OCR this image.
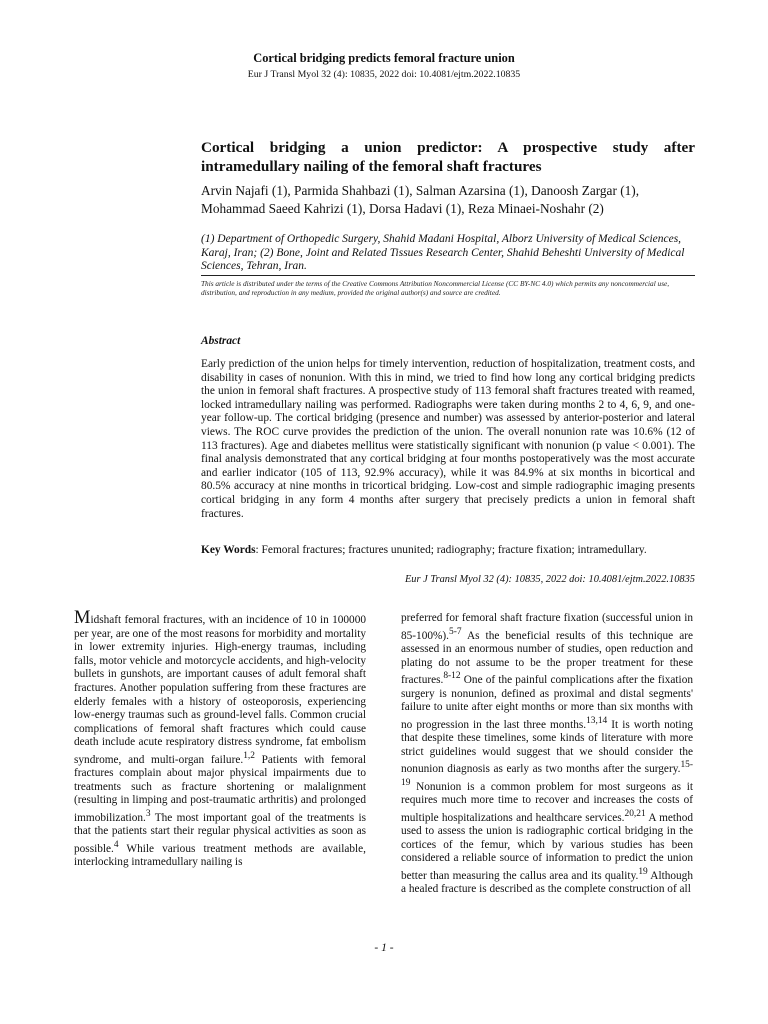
Cortical bridging predicts femoral fracture union
Eur J Transl Myol 32 (4): 10835, 2022 doi: 10.4081/ejtm.2022.10835
Cortical bridging a union predictor: A prospective study after intramedullary nailing of the femoral shaft fractures
Arvin Najafi (1), Parmida Shahbazi (1), Salman Azarsina (1), Danoosh Zargar (1), Mohammad Saeed Kahrizi (1), Dorsa Hadavi (1), Reza Minaei-Noshahr (2)
(1) Department of Orthopedic Surgery, Shahid Madani Hospital, Alborz University of Medical Sciences, Karaj, Iran; (2) Bone, Joint and Related Tissues Research Center, Shahid Beheshti University of Medical Sciences, Tehran, Iran.
This article is distributed under the terms of the Creative Commons Attribution Noncommercial License (CC BY-NC 4.0) which permits any noncommercial use, distribution, and reproduction in any medium, provided the original author(s) and source are credited.
Abstract

Early prediction of the union helps for timely intervention, reduction of hospitalization, treatment costs, and disability in cases of nonunion. With this in mind, we tried to find how long any cortical bridging predicts the union in femoral shaft fractures. A prospective study of 113 femoral shaft fractures treated with reamed, locked intramedullary nailing was performed. Radiographs were taken during months 2 to 4, 6, 9, and one-year follow-up. The cortical bridging (presence and number) was assessed by anterior-posterior and lateral views. The ROC curve provides the prediction of the union. The overall nonunion rate was 10.6% (12 of 113 fractures). Age and diabetes mellitus were statistically significant with nonunion (p value < 0.001). The final analysis demonstrated that any cortical bridging at four months postoperatively was the most accurate and earlier indicator (105 of 113, 92.9% accuracy), while it was 84.9% at six months in bicortical and 80.5% accuracy at nine months in tricortical bridging. Low-cost and simple radiographic imaging presents cortical bridging in any form 4 months after surgery that precisely predicts a union in femoral shaft fractures.

Key Words: Femoral fractures; fractures ununited; radiography; fracture fixation; intramedullary.

Eur J Transl Myol 32 (4): 10835, 2022 doi: 10.4081/ejtm.2022.10835

Midshaft femoral fractures, with an incidence of 10 in 100000 per year, are one of the most reasons for morbidity and mortality in lower extremity injuries. High-energy traumas, including falls, motor vehicle and motorcycle accidents, and high-velocity bullets in gunshots, are important causes of adult femoral shaft fractures. Another population suffering from these fractures are elderly females with a history of osteoporosis, experiencing low-energy traumas such as ground-level falls. Common crucial complications of femoral shaft fractures which could cause death include acute respiratory distress syndrome, fat embolism syndrome, and multi-organ failure.$^{1,2}$ Patients with femoral fractures complain about major physical impairments due to treatments such as fracture shortening or malalignment (resulting in limping and post-traumatic arthritis) and prolonged immobilization.$^3$ The most important goal of the treatments is that the patients start their regular physical activities as soon as possible.$^4$ While various treatment methods are available, interlocking intramedullary nailing is

preferred for femoral shaft fracture fixation (successful union in 85-100%).$^{5-7}$ As the beneficial results of this technique are assessed in an enormous number of studies, open reduction and plating do not assume to be the proper treatment for these fractures.$^{8-12}$ One of the painful complications after the fixation surgery is nonunion, defined as proximal and distal segments' failure to unite after eight months or more than six months with no progression in the last three months.$^{13,14}$ It is worth noting that despite these timelines, some kinds of literature with more strict guidelines would suggest that we should consider the nonunion diagnosis as early as two months after the surgery.$^{15-19}$ Nonunion is a common problem for most surgeons as it requires much more time to recover and increases the costs of multiple hospitalizations and healthcare services.$^{20,21}$ A method used to assess the union is radiographic cortical bridging in the cortices of the femur, which by various studies has been considered a reliable source of information to predict the union better than measuring the callus area and its quality.$^{19}$ Although a healed fracture is described as the complete construction of all

- 1 -
